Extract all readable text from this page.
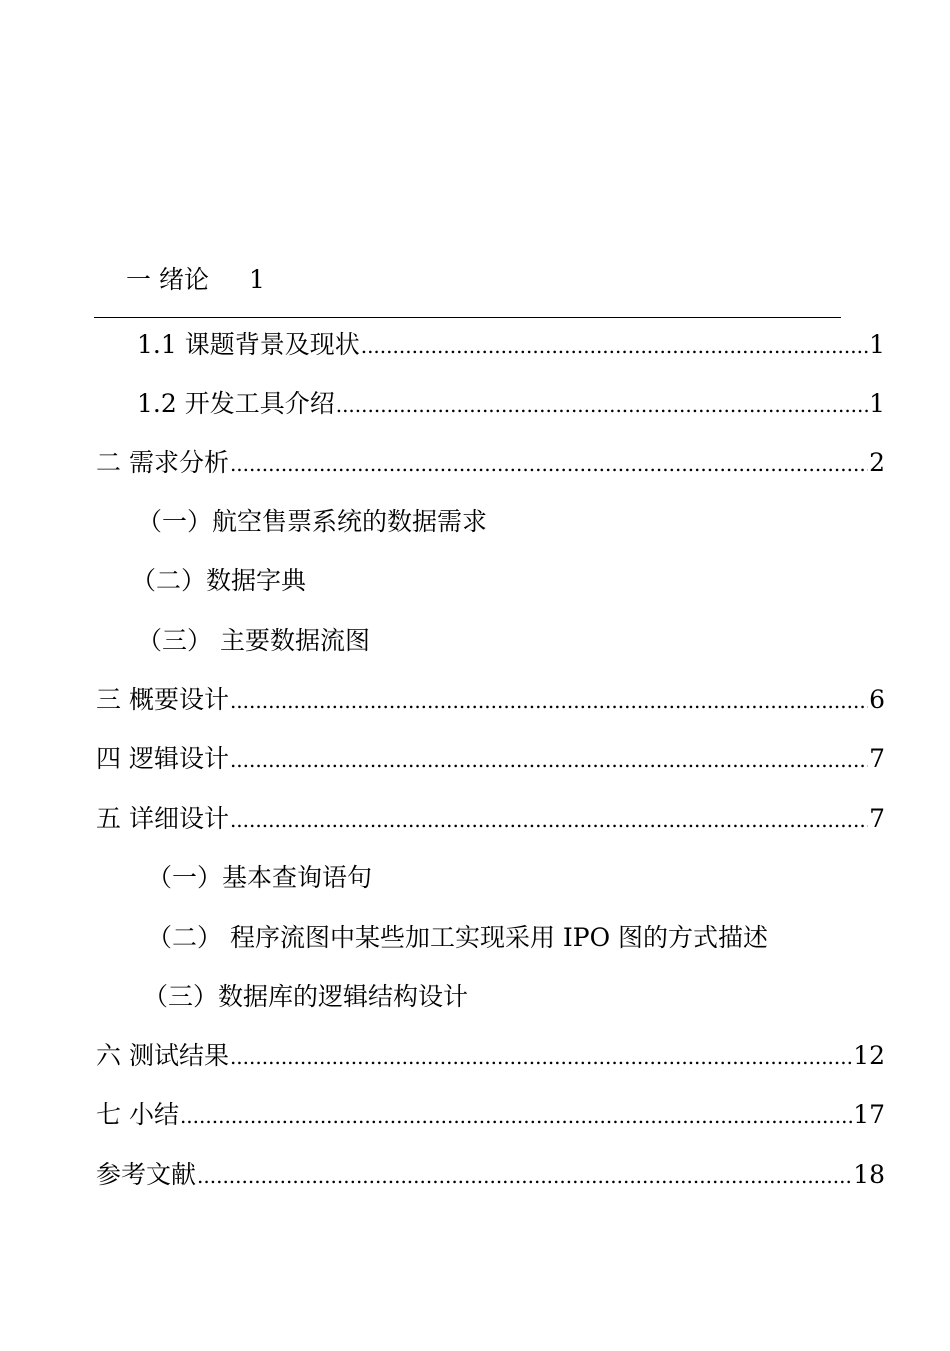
一 绪论 1
1.1 课题背景及现状 .....	1
1.2 开发工具介绍 .....	1
二 需求分析 .....	2
（一）航空售票系统的数据需求
（二）数据字典
（三） 主要数据流图
三 概要设计 .....	6
四 逻辑设计 .....	7
五 详细设计 .....	7
（一）基本查询语句
（二） 程序流图中某些加工实现采用 IPO 图的方式描述
（三）数据库的逻辑结构设计
六 测试结果 .....	12
七 小结 .....	17
参考文献 .....	18
